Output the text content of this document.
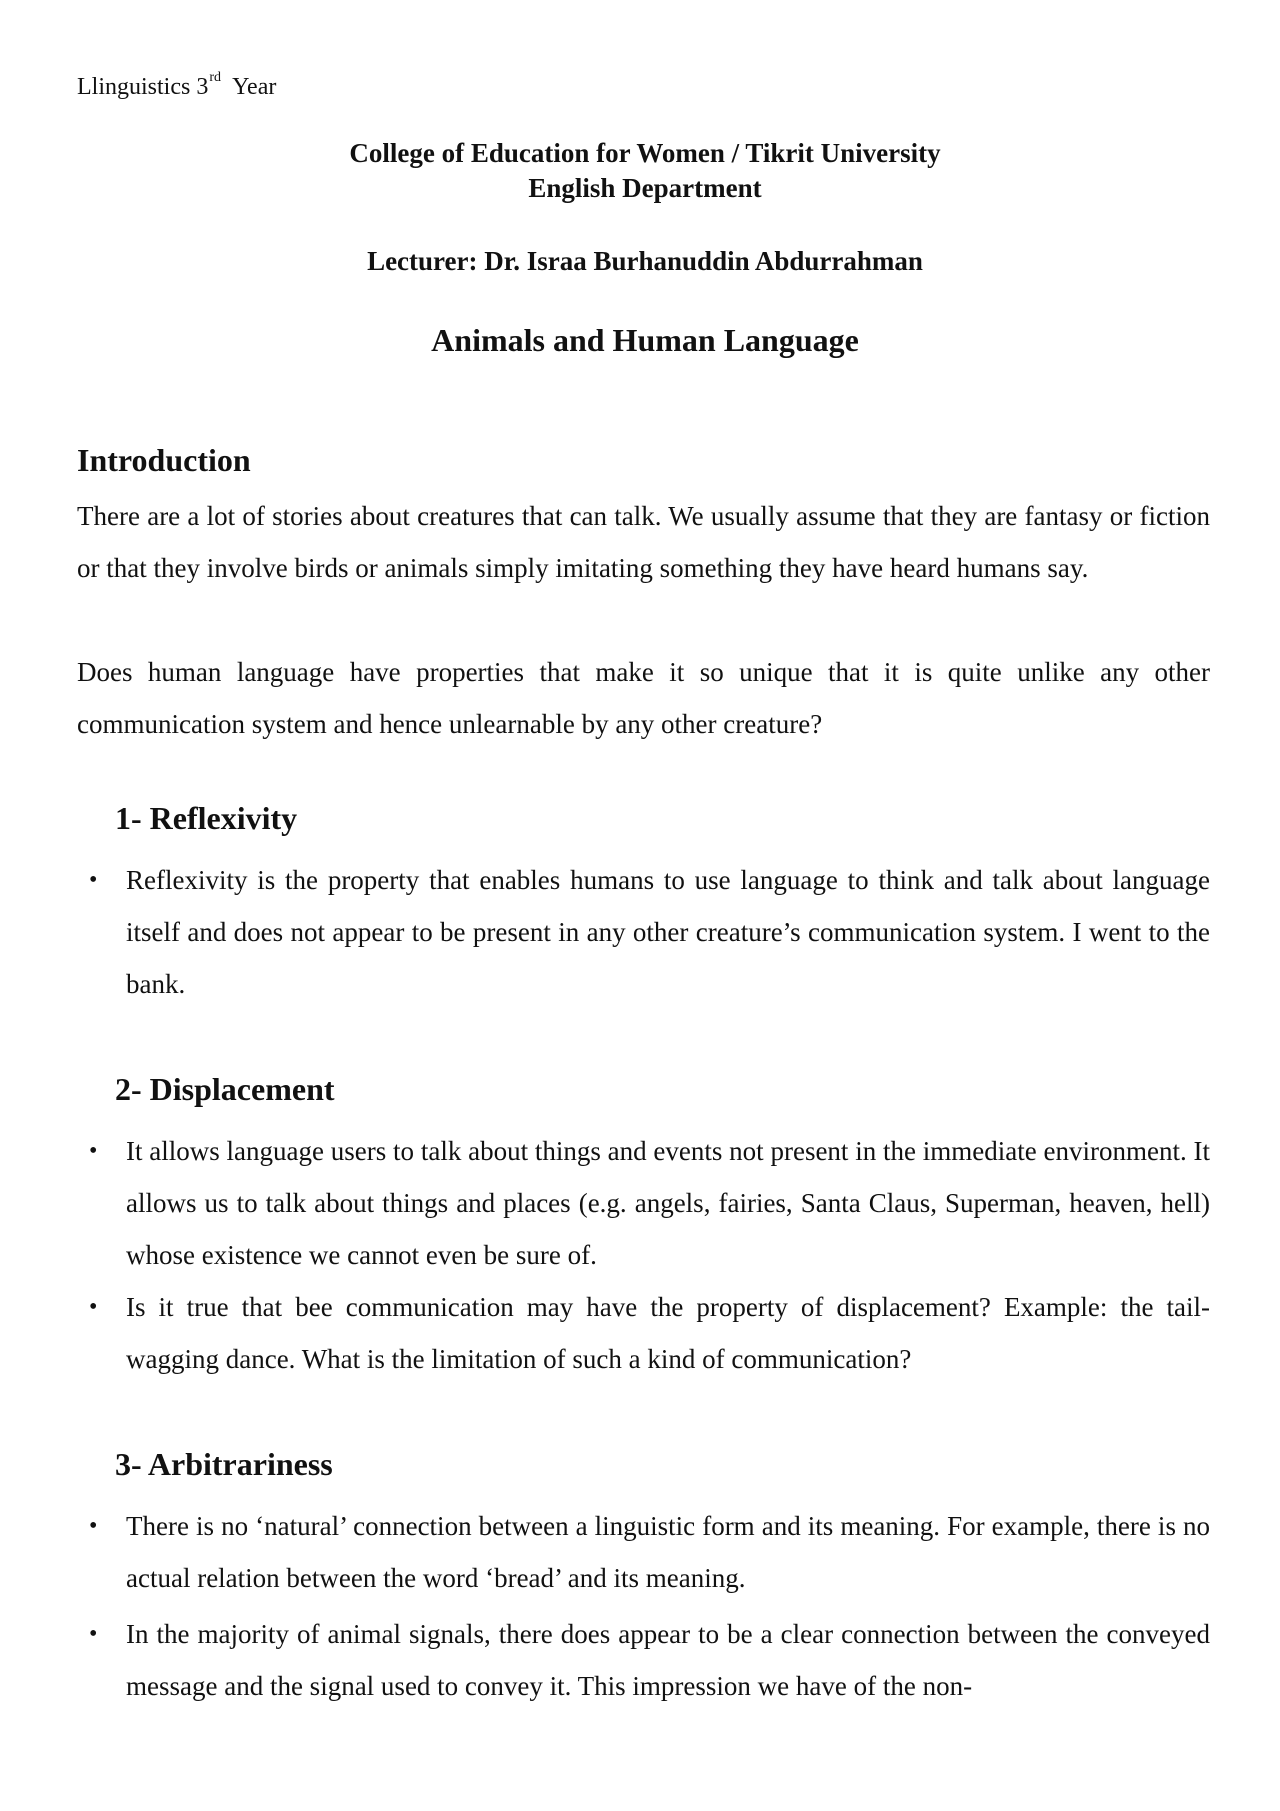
Llinguistics 3rd Year
College of Education for Women / Tikrit University
English Department
Lecturer: Dr. Israa Burhanuddin Abdurrahman
Animals and Human Language
Introduction
There are a lot of stories about creatures that can talk. We usually assume that they are fantasy or fiction or that they involve birds or animals simply imitating something they have heard humans say.
Does human language have properties that make it so unique that it is quite unlike any other communication system and hence unlearnable by any other creature?
1- Reflexivity
• Reflexivity is the property that enables humans to use language to think and talk about language itself and does not appear to be present in any other creature’s communication system. I went to the bank.
2- Displacement
• It allows language users to talk about things and events not present in the immediate environment. It allows us to talk about things and places (e.g. angels, fairies, Santa Claus, Superman, heaven, hell) whose existence we cannot even be sure of.
• Is it true that bee communication may have the property of displacement? Example: the tail-wagging dance. What is the limitation of such a kind of communication?
3- Arbitrariness
• There is no ‘natural’ connection between a linguistic form and its meaning. For example, there is no actual relation between the word ‘bread’ and its meaning.
• In the majority of animal signals, there does appear to be a clear connection between the conveyed message and the signal used to convey it. This impression we have of the non-
